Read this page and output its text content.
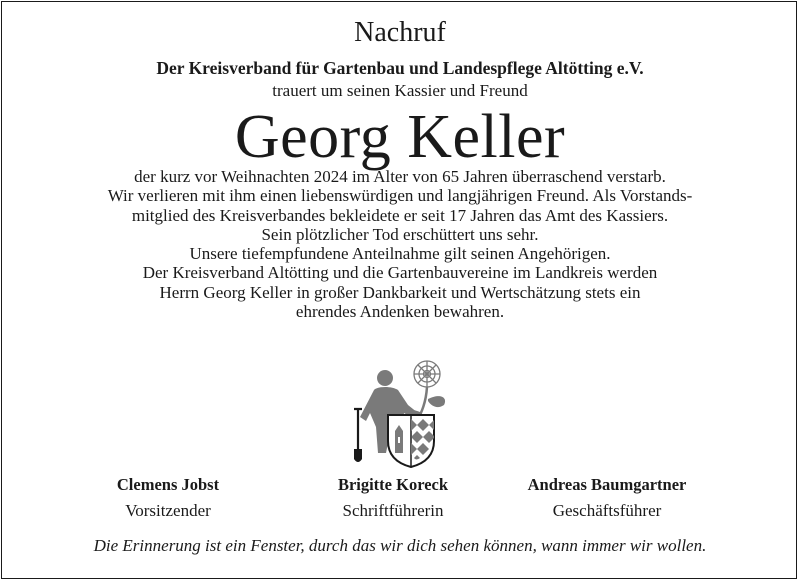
Nachruf
Der Kreisverband für Gartenbau und Landespflege Altötting e.V.
trauert um seinen Kassier und Freund
Georg Keller
der kurz vor Weihnachten 2024 im Alter von 65 Jahren überraschend verstarb.
Wir verlieren mit ihm einen liebenswürdigen und langjährigen Freund. Als Vorstands-
mitglied des Kreisverbandes bekleidete er seit 17 Jahren das Amt des Kassiers.
Sein plötzlicher Tod erschüttert uns sehr.
Unsere tiefempfundene Anteilnahme gilt seinen Angehörigen.
Der Kreisverband Altötting und die Gartenbauvereine im Landkreis werden
Herrn Georg Keller in großer Dankbarkeit und Wertschätzung stets ein
ehrendes Andenken bewahren.
Clemens Jobst
Vorsitzender
Brigitte Koreck
Schriftführerin
Andreas Baumgartner
Geschäftsführer
Die Erinnerung ist ein Fenster, durch das wir dich sehen können, wann immer wir wollen.
